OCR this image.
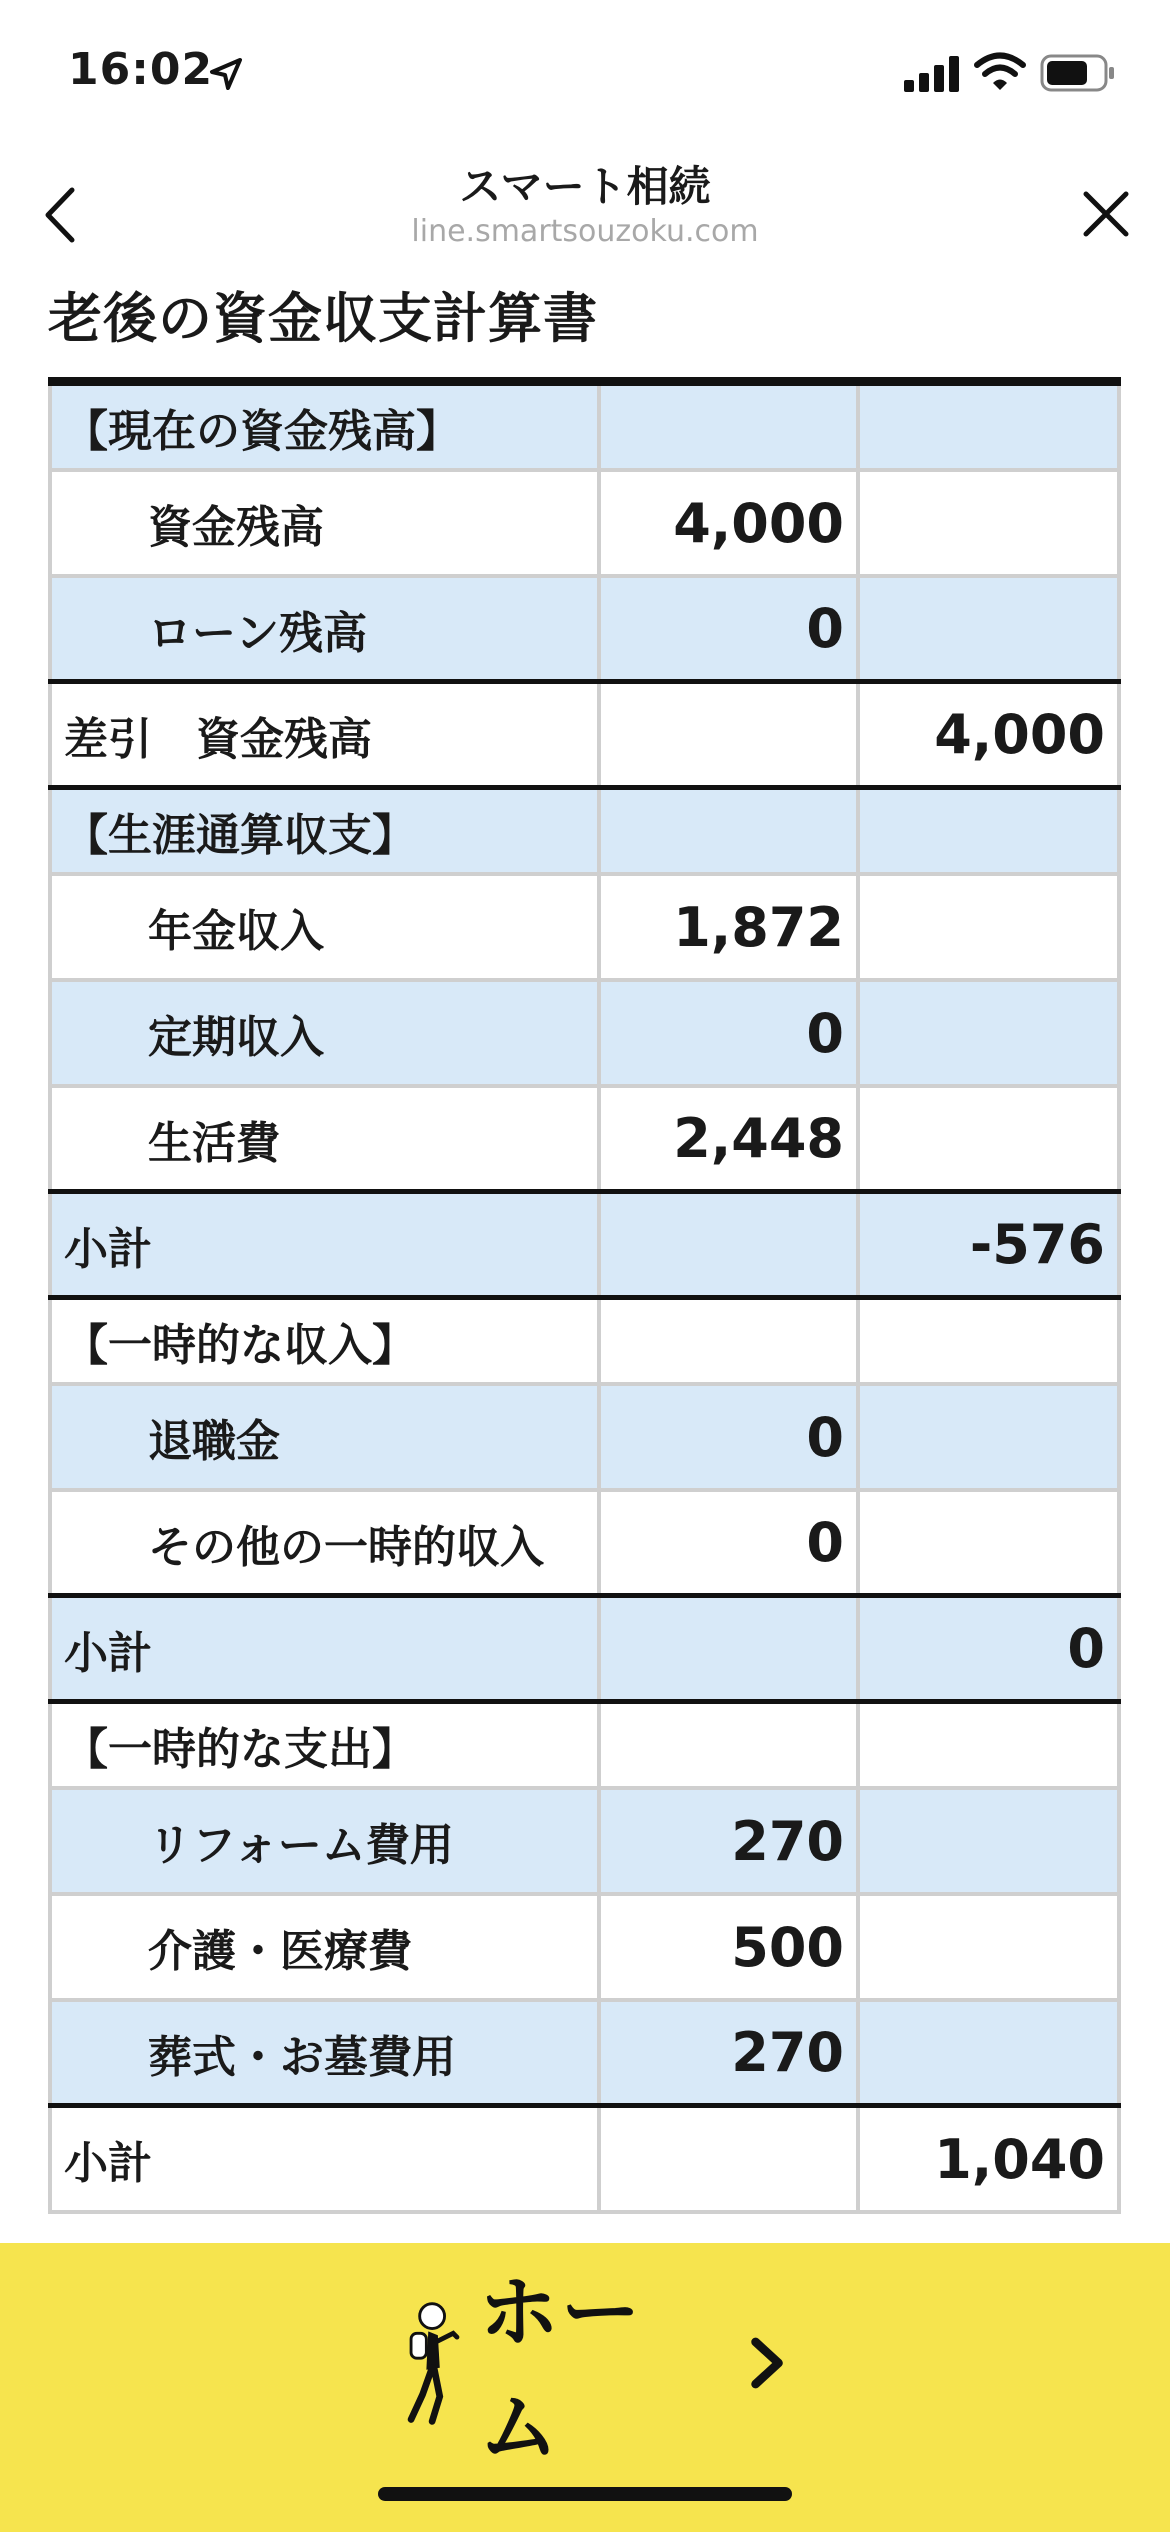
16:02
スマート相続
line.smartsouzoku.com
老後の資金収支計算書
【現在の資金残高】
資金残高	4,000
ローン残高	0
差引　資金残高	4,000
【生涯通算収支】
年金収入	1,872
定期収入	0
生活費	2,448
小計	-576
【一時的な収入】
退職金	0
その他の一時的収入	0
小計	0
【一時的な支出】
リフォーム費用	270
介護・医療費	500
葬式・お墓費用	270
小計	1,040
ホーム
